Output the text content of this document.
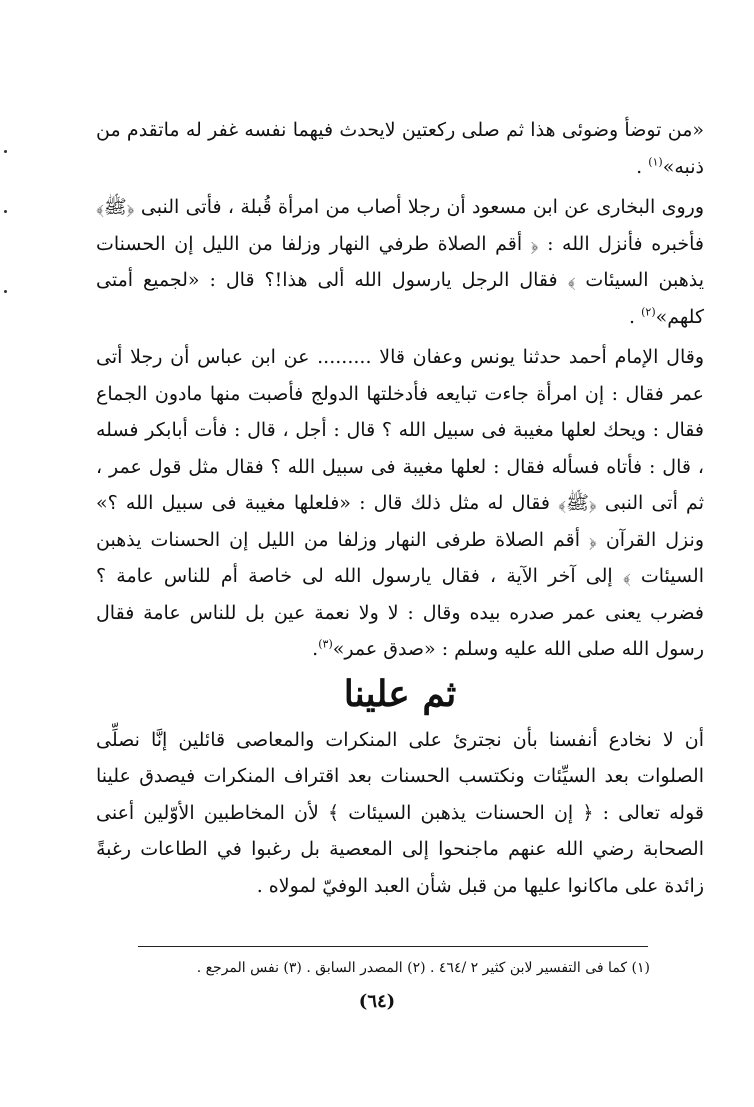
«من توضأ وضوئى هذا ثم صلى ركعتين لايحدث فيهما نفسه غفر له ماتقدم من ذنبه»$^{(١)}$ .

وروى البخارى عن ابن مسعود أن رجلا أصاب من امرأة قُبلة ، فأتى النبى ﴿ﷺ﴾ فأخبره فأنزل الله : ﴿ أقم الصلاة طرفي النهار وزلفا من الليل إن الحسنات يذهبن السيئات ﴾ فقال الرجل يارسول الله ألى هذا!؟ قال : «لجميع أمتى كلهم»$^{(٢)}$ .

وقال الإمام أحمد حدثنا يونس وعفان قالا ......... عن ابن عباس أن رجلا أتى عمر فقال : إن امرأة جاءت تبايعه فأدخلتها الدولج فأصبت منها مادون الجماع فقال : ويحك لعلها مغيبة فى سبيل الله ؟ قال : أجل ، قال : فأت أبابكر فسله ، قال : فأتاه فسأله فقال : لعلها مغيبة فى سبيل الله ؟ فقال مثل قول عمر ، ثم أتى النبى ﴿ﷺ﴾ فقال له مثل ذلك قال : «فلعلها مغيبة فى سبيل الله ؟» ونزل القرآن ﴿ أقم الصلاة طرفى النهار وزلفا من الليل إن الحسنات يذهبن السيئات ﴾ إلى آخر الآية ، فقال يارسول الله لى خاصة أم للناس عامة ؟ فضرب يعنى عمر صدره بيده وقال : لا ولا نعمة عين بل للناس عامة فقال رسول الله صلى الله عليه وسلم : «صدق عمر»$^{(٣)}$.

ثم علينا

أن لا نخادع أنفسنا بأن نجترئ على المنكرات والمعاصى قائلين إنَّا نصلِّى الصلوات بعد السيِّئات ونكتسب الحسنات بعد اقتراف المنكرات فيصدق علينا قوله تعالى : ﴿ إن الحسنات يذهبن السيئات ﴾ لأن المخاطبين الأوّلين أعنى الصحابة رضي الله عنهم ماجنحوا إلى المعصية بل رغبوا في الطاعات رغبةً زائدة على ماكانوا عليها من قبل شأن العبد الوفيّ لمولاه .

(١) كما فى التفسير لابن كثير ٢ /٤٦٤ . (٢) المصدر السابق . (٣) نفس المرجع .
(٦٤)
